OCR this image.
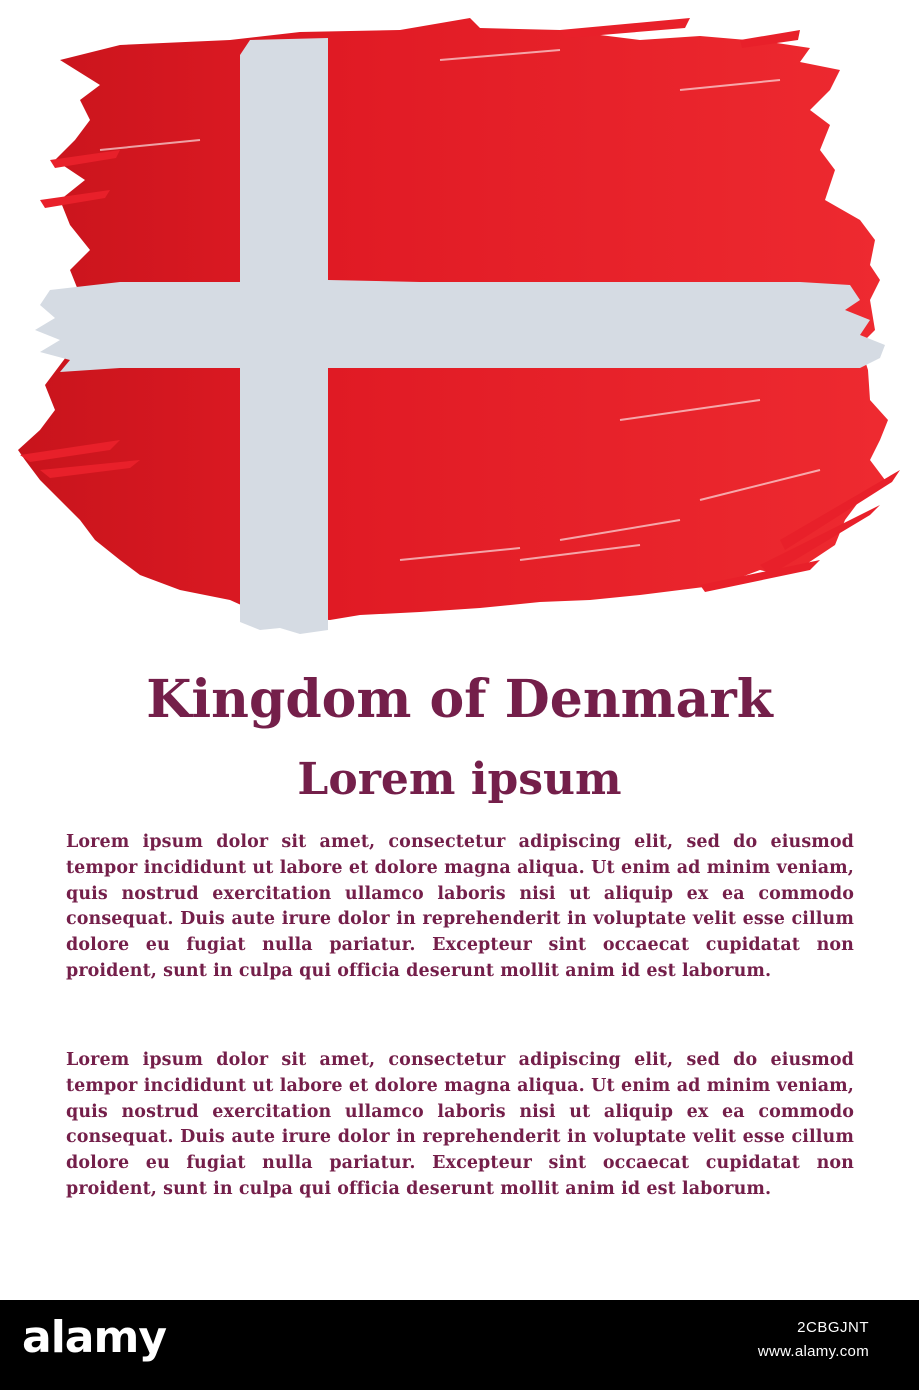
Kingdom of Denmark
Lorem ipsum

Lorem ipsum dolor sit amet, consectetur adipiscing elit, sed do eiusmod tempor incididunt ut labore et dolore magna aliqua. Ut enim ad minim veniam, quis nostrud exercitation ullamco laboris nisi ut aliquip ex ea commodo consequat. Duis aute irure dolor in reprehenderit in voluptate velit esse cillum dolore eu fugiat nulla pariatur. Excepteur sint occaecat cupidatat non proident, sunt in culpa qui officia deserunt mollit anim id est laborum.

Lorem ipsum dolor sit amet, consectetur adipiscing elit, sed do eiusmod tempor incididunt ut labore et dolore magna aliqua. Ut enim ad minim veniam, quis nostrud exercitation ullamco laboris nisi ut aliquip ex ea commodo consequat. Duis aute irure dolor in reprehenderit in voluptate velit esse cillum dolore eu fugiat nulla pariatur. Excepteur sint occaecat cupidatat non proident, sunt in culpa qui officia deserunt mollit anim id est laborum.

alamy	2CBGJNT
www.alamy.com
